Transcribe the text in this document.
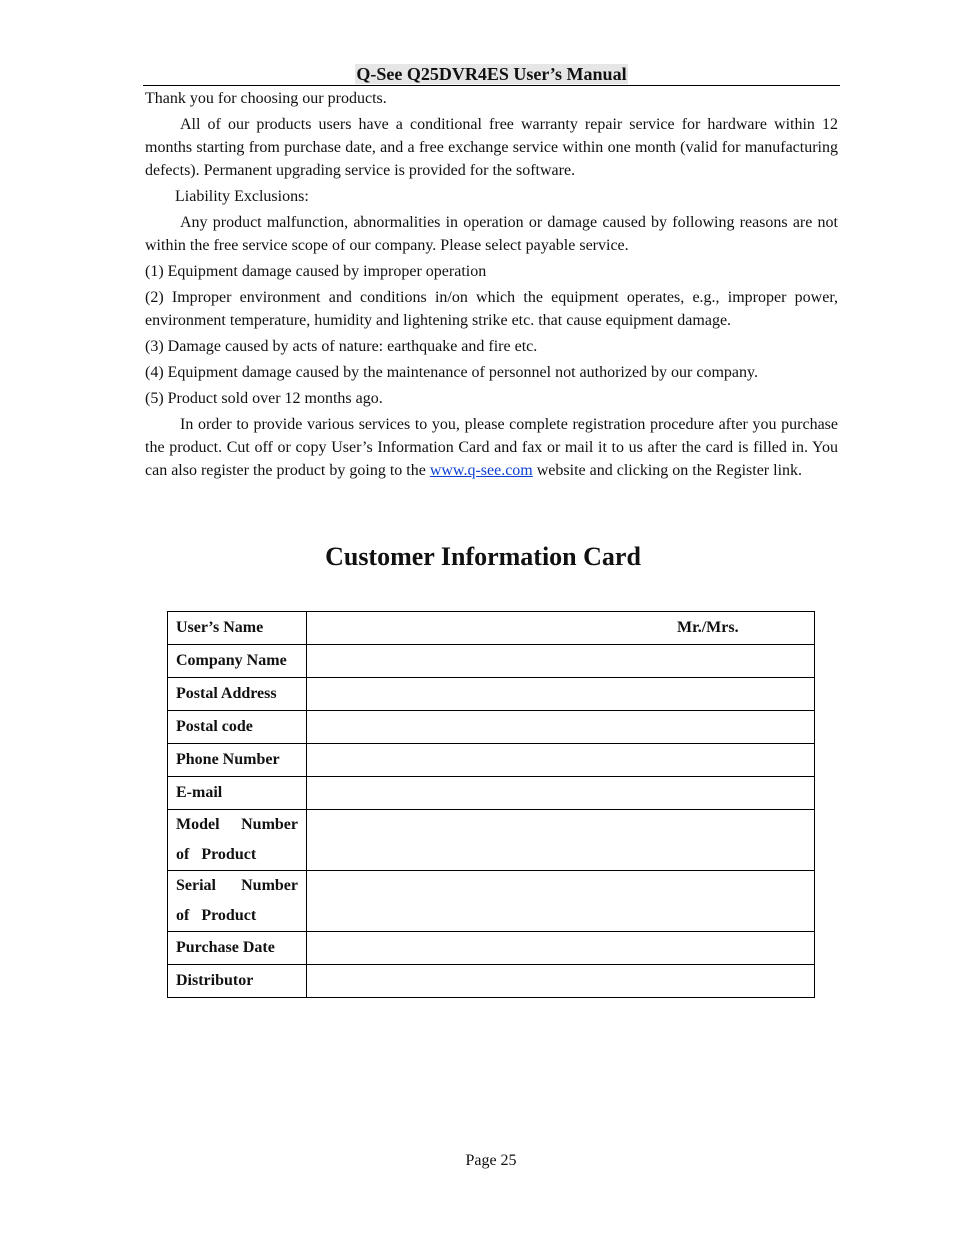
Q-See Q25DVR4ES User’s Manual

Thank you for choosing our products.

All of our products users have a conditional free warranty repair service for hardware within 12 months starting from purchase date, and a free exchange service within one month (valid for manufacturing defects). Permanent upgrading service is provided for the software.

Liability Exclusions:

Any product malfunction, abnormalities in operation or damage caused by following reasons are not within the free service scope of our company. Please select payable service.

(1) Equipment damage caused by improper operation

(2) Improper environment and conditions in/on which the equipment operates, e.g., improper power, environment temperature, humidity and lightening strike etc. that cause equipment damage.

(3) Damage caused by acts of nature: earthquake and fire etc.

(4) Equipment damage caused by the maintenance of personnel not authorized by our company.

(5) Product sold over 12 months ago.

In order to provide various services to you, please complete registration procedure after you purchase the product. Cut off or copy User’s Information Card and fax or mail it to us after the card is filled in. You can also register the product by going to the www.q-see.com website and clicking on the Register link.

Customer Information Card
User’s Name	Mr./Mrs.

Company Name	
Postal Address	
Postal code	
Phone Number	
E-mail	

Model Number
of Product	

Serial Number
of Product	

Purchase Date	
Distributor	
Page 25
